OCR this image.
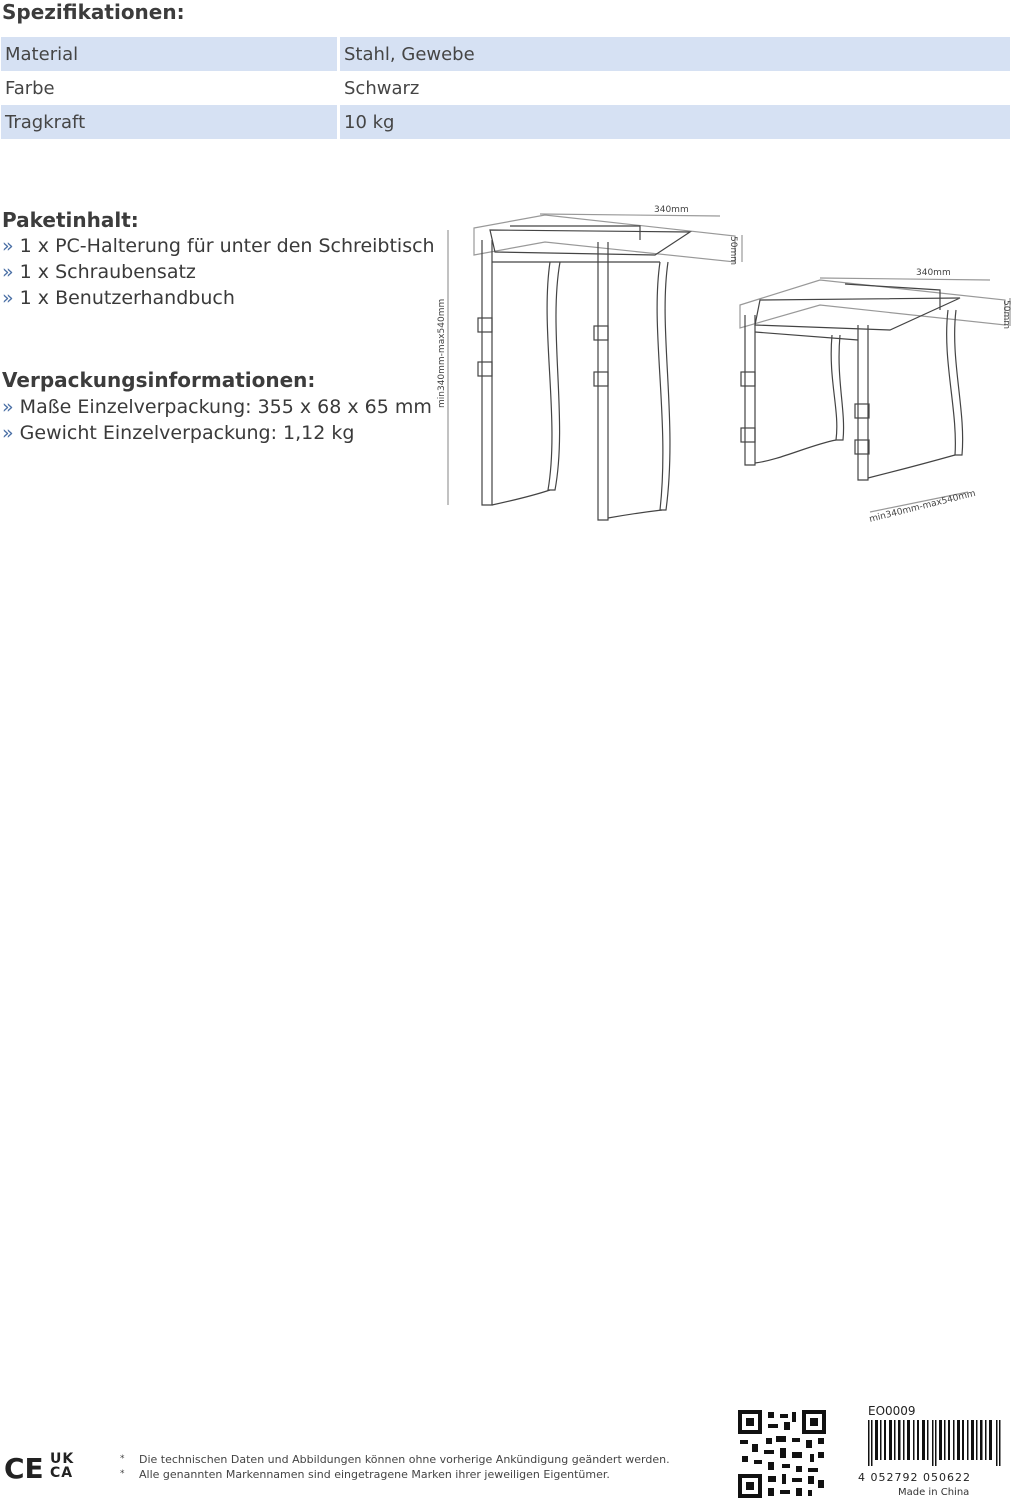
Spezifikationen:
Material	Stahl, Gewebe
Farbe	Schwarz
Tragkraft	10 kg
Paketinhalt:
» 1 x PC-Halterung für unter den Schreibtisch
» 1 x Schraubensatz
» 1 x Benutzerhandbuch
Verpackungsinformationen:
» Maße Einzelverpackung: 355 x 68 x 65 mm
» Gewicht Einzelverpackung: 1,12 kg
340mm
50mm
min340mm-max540mm
340mm
50mm
min340mm-max540mm
CE UK
CA
* Die technischen Daten und Abbildungen können ohne vorherige Ankündigung geändert werden.
* Alle genannten Markennamen sind eingetragene Marken ihrer jeweiligen Eigentümer.
EO0009
4 052792 050622
Made in China
